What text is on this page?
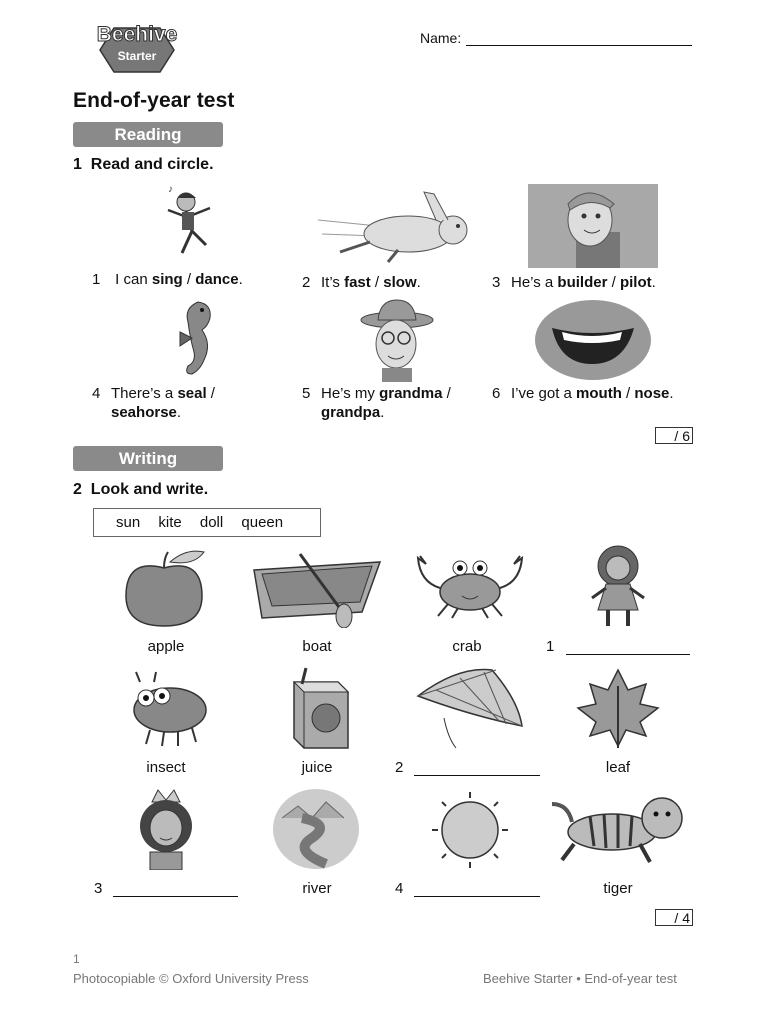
Starter
Beehive	Name:
End-of-year test
Reading
1 Read and circle.
♪
1 I can sing / dance.	2 It’s fast / slow.	3 He’s a builder / pilot.
4 There’s a seal /
seahorse.
5 He’s my grandma /
grandpa.
6 I’ve got a mouth / nose.
/ 6
Writing
2 Look and write.
sun kite doll queen
apple	boat	crab	1
insect	juice	2	leaf
3	river	4	tiger
/ 4
1
Photocopiable © Oxford University Press	Beehive Starter • End-of-year test
